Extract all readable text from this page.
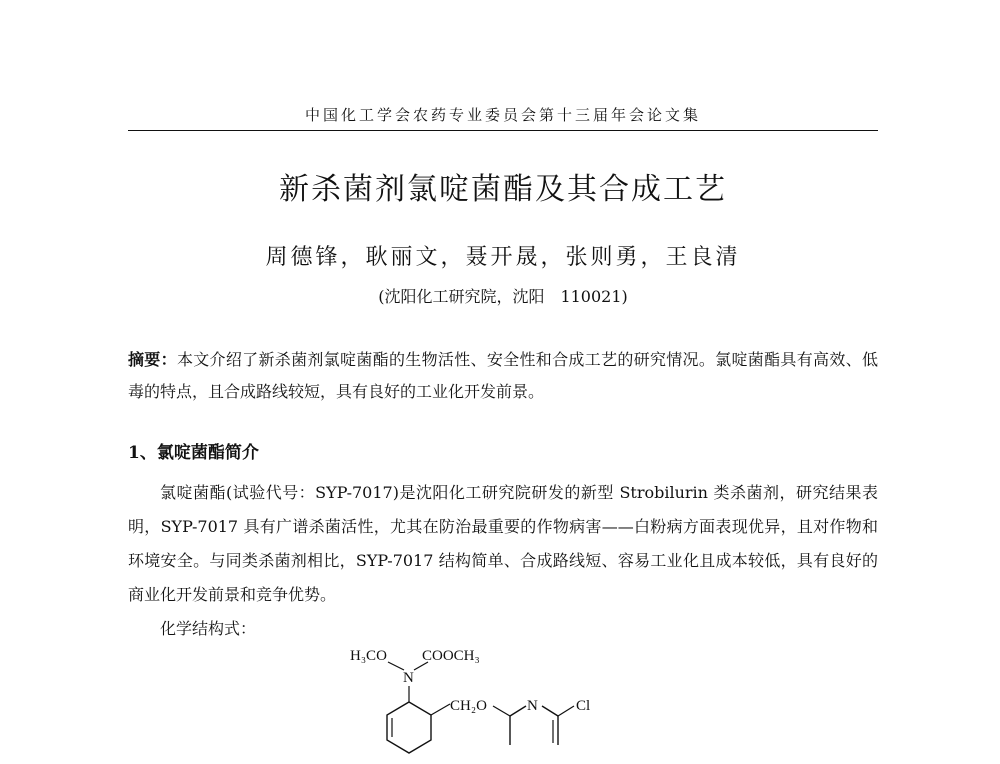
中国化工学会农药专业委员会第十三届年会论文集
新杀菌剂氯啶菌酯及其合成工艺
周德锋，耿丽文，聂开晟，张则勇，王良清
(沈阳化工研究院，沈阳　110021)
摘要：本文介绍了新杀菌剂氯啶菌酯的生物活性、安全性和合成工艺的研究情况。氯啶菌酯具有高效、低毒的特点，且合成路线较短，具有良好的工业化开发前景。
1、氯啶菌酯简介
氯啶菌酯(试验代号：SYP-7017)是沈阳化工研究院研发的新型 Strobilurin 类杀菌剂，研究结果表明，SYP-7017 具有广谱杀菌活性，尤其在防治最重要的作物病害——白粉病方面表现优异，且对作物和环境安全。与同类杀菌剂相比，SYP-7017 结构简单、合成路线短、容易工业化且成本较低，具有良好的商业化开发前景和竞争优势。
化学结构式：
H₃CO COOCH₃
N
CH₂O	N	Cl
